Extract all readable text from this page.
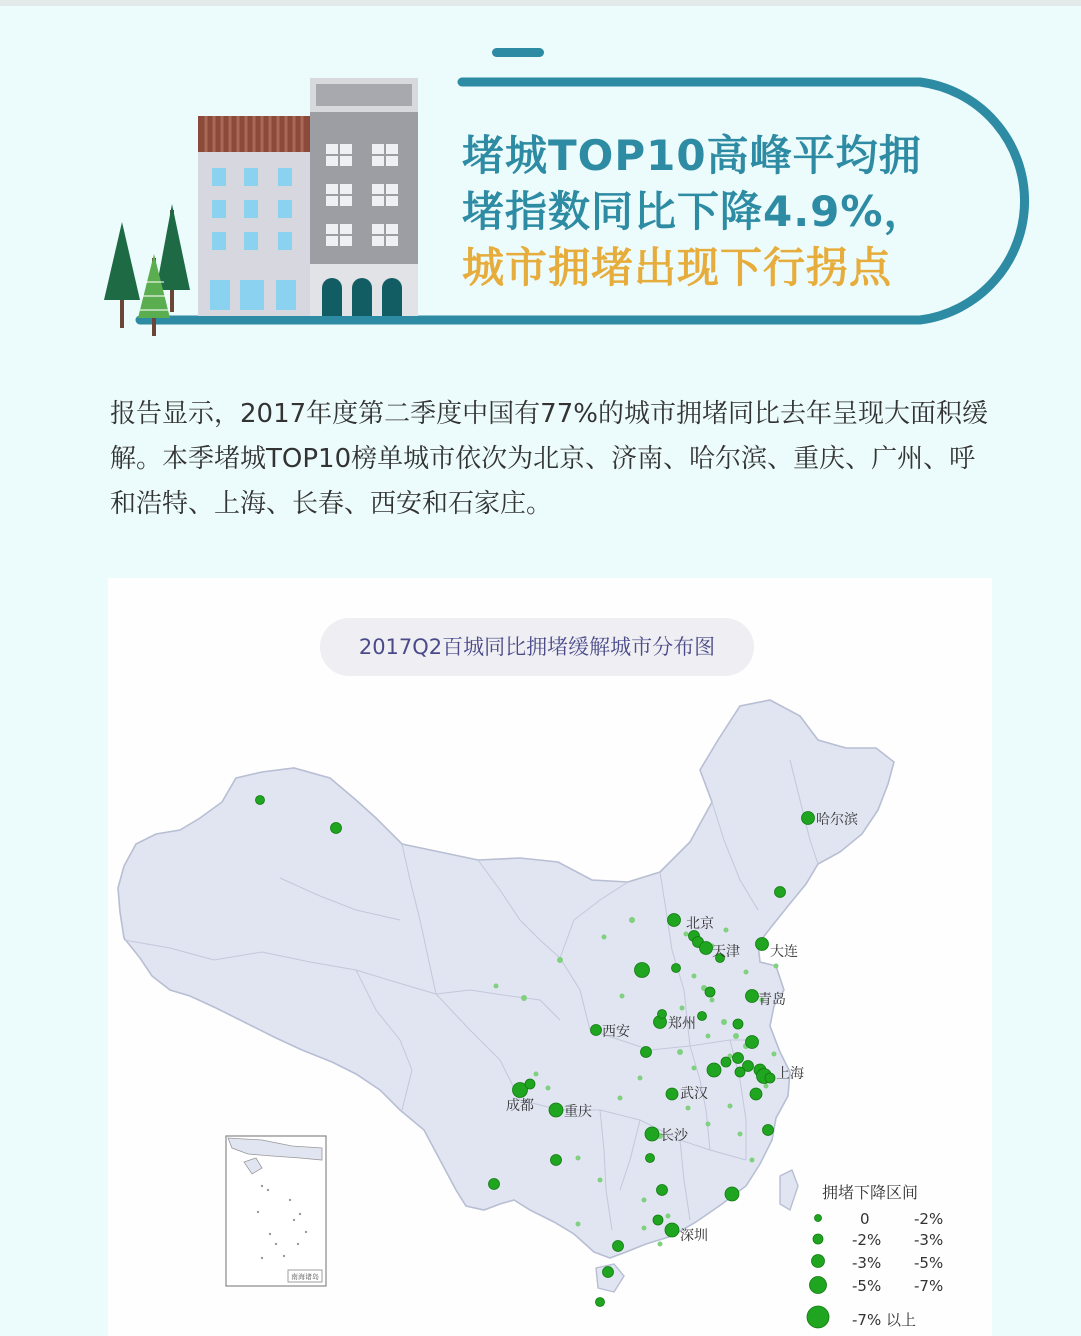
堵城TOP10高峰平均拥
堵指数同比下降4.9%，
城市拥堵出现下行拐点

报告显示，2017年度第二季度中国有77%的城市拥堵同比去年呈现大面积缓解。本季堵城TOP10榜单城市依次为北京、济南、哈尔滨、重庆、广州、呼和浩特、上海、长春、西安和石家庄。

2017Q2百城同比拥堵缓解城市分布图
南海诸岛
哈尔滨
北京
天津 大连
青岛
西安	郑州
上海
成都
武汉
重庆
长沙
深圳
拥堵下降区间
0	-2%
-2% -3%
-3% -5%
-5% -7%
-7% 以上
